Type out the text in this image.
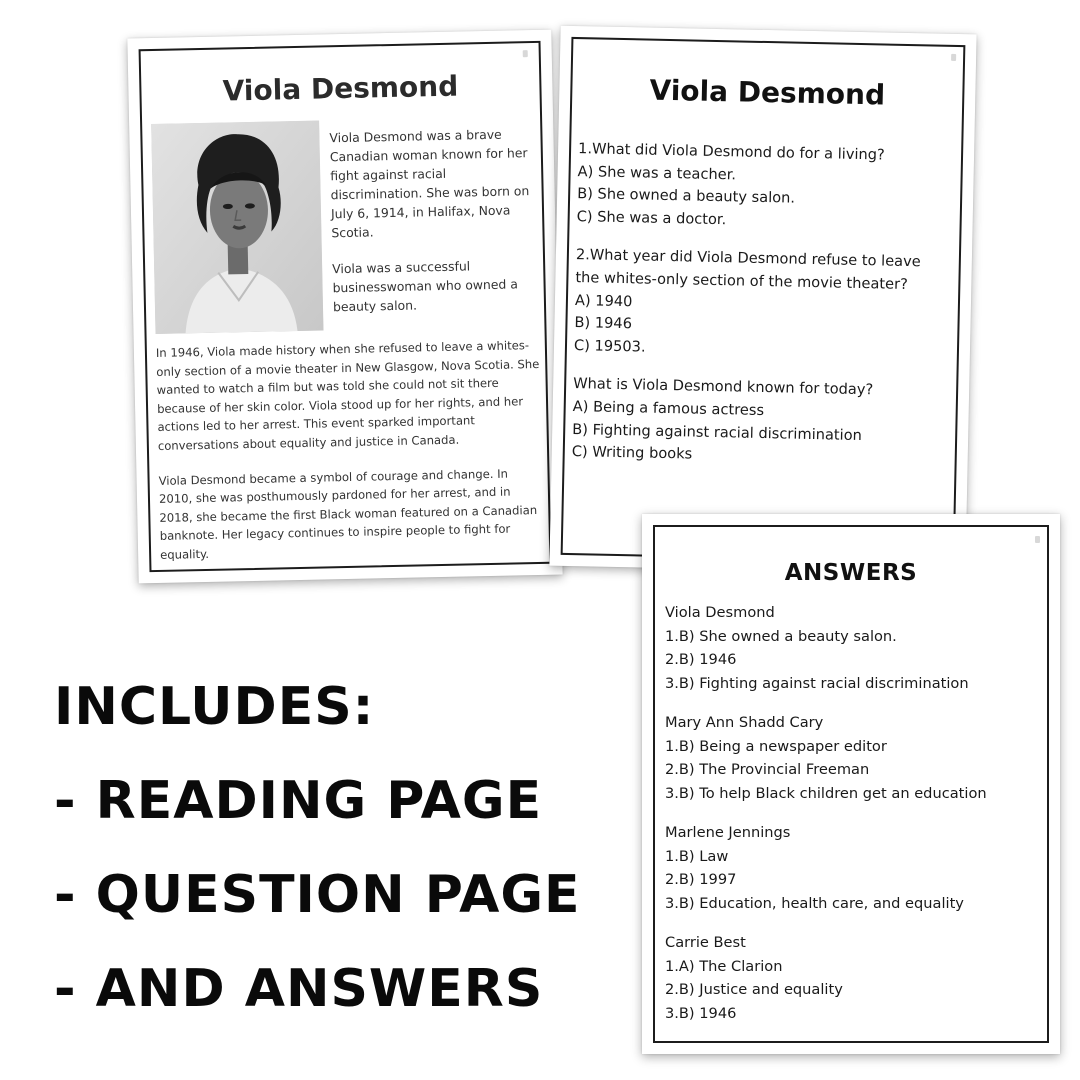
Viola Desmond

Viola Desmond was a brave Canadian woman known for her fight against racial discrimination. She was born on July 6, 1914, in Halifax, Nova Scotia.

Viola was a successful businesswoman who owned a beauty salon.

In 1946, Viola made history when she refused to leave a whites-only section of a movie theater in New Glasgow, Nova Scotia. She wanted to watch a film but was told she could not sit there because of her skin color. Viola stood up for her rights, and her actions led to her arrest. This event sparked important conversations about equality and justice in Canada.

Viola Desmond became a symbol of courage and change. In 2010, she was posthumously pardoned for her arrest, and in 2018, she became the first Black woman featured on a Canadian banknote. Her legacy continues to inspire people to fight for equality.

Viola Desmond
1.What did Viola Desmond do for a living?
A) She was a teacher.
B) She owned a beauty salon.
C) She was a doctor.
2.What year did Viola Desmond refuse to leave
the whites-only section of the movie theater?
A) 1940
B) 1946
C) 19503.
What is Viola Desmond known for today?
A) Being a famous actress
B) Fighting against racial discrimination
C) Writing books
ANSWERS
Viola Desmond
1.B) She owned a beauty salon.
2.B) 1946
3.B) Fighting against racial discrimination
Mary Ann Shadd Cary
1.B) Being a newspaper editor
2.B) The Provincial Freeman
3.B) To help Black children get an education
Marlene Jennings
1.B) Law
2.B) 1997
3.B) Education, health care, and equality
Carrie Best
1.A) The Clarion
2.B) Justice and equality
3.B) 1946
INCLUDES:
- READING PAGE
- QUESTION PAGE
- AND ANSWERS
